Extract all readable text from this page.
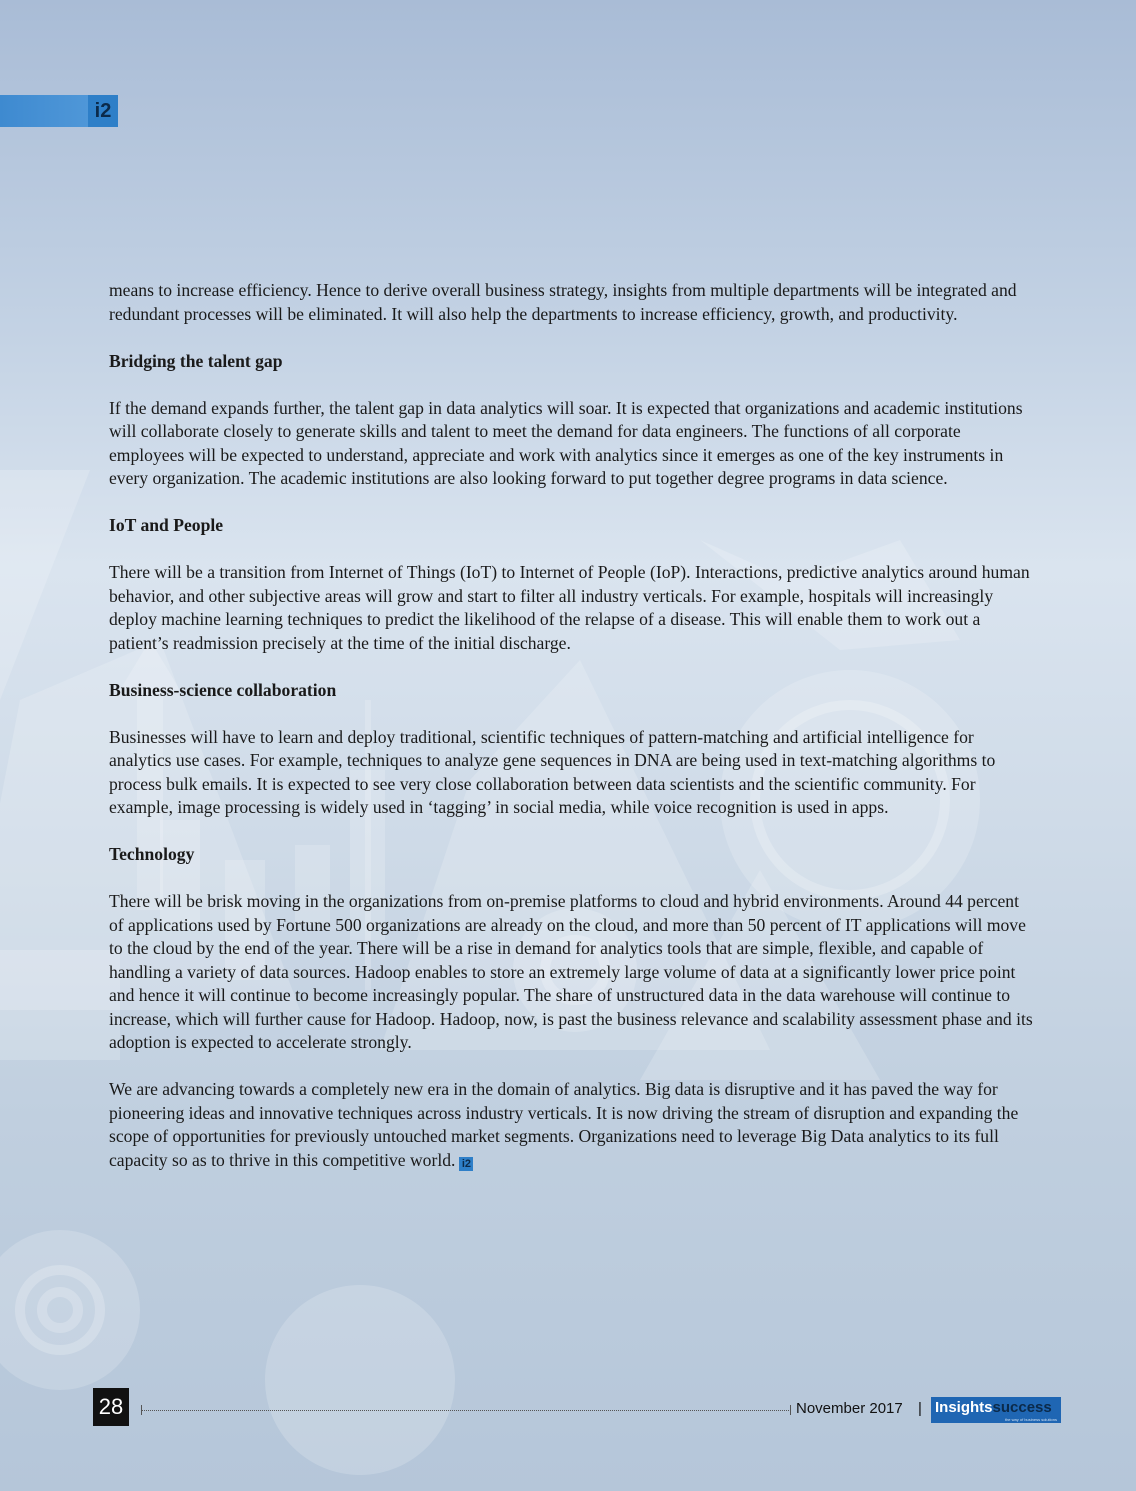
i2

means to increase efficiency. Hence to derive overall business strategy, insights from multiple departments will be integrated and redundant processes will be eliminated. It will also help the departments to increase efficiency, growth, and productivity.

Bridging the talent gap

If the demand expands further, the talent gap in data analytics will soar. It is expected that organizations and academic institutions will collaborate closely to generate skills and talent to meet the demand for data engineers. The functions of all corporate employees will be expected to understand, appreciate and work with analytics since it emerges as one of the key instruments in every organization. The academic institutions are also looking forward to put together degree programs in data science.

IoT and People

There will be a transition from Internet of Things (IoT) to Internet of People (IoP). Interactions, predictive analytics around human behavior, and other subjective areas will grow and start to filter all industry verticals. For example, hospitals will increasingly deploy machine learning techniques to predict the likelihood of the relapse of a disease. This will enable them to work out a patient’s readmission precisely at the time of the initial discharge.

Business-science collaboration

Businesses will have to learn and deploy traditional, scientific techniques of pattern-matching and artificial intelligence for analytics use cases. For example, techniques to analyze gene sequences in DNA are being used in text-matching algorithms to process bulk emails. It is expected to see very close collaboration between data scientists and the scientific community. For example, image processing is widely used in ‘tagging’ in social media, while voice recognition is used in apps.

Technology

There will be brisk moving in the organizations from on-premise platforms to cloud and hybrid environments. Around 44 percent of applications used by Fortune 500 organizations are already on the cloud, and more than 50 percent of IT applications will move to the cloud by the end of the year. There will be a rise in demand for analytics tools that are simple, flexible, and capable of handling a variety of data sources. Hadoop enables to store an extremely large volume of data at a significantly lower price point and hence it will continue to become increasingly popular. The share of unstructured data in the data warehouse will continue to increase, which will further cause for Hadoop. Hadoop, now, is past the business relevance and scalability assessment phase and its adoption is expected to accelerate strongly.

We are advancing towards a completely new era in the domain of analytics. Big data is disruptive and it has paved the way for pioneering ideas and innovative techniques across industry verticals. It is now driving the stream of disruption and expanding the scope of opportunities for previously untouched market segments. Organizations need to leverage Big Data analytics to its full capacity so as to thrive in this competitive world. i2

28	November 2017 | Insightssuccess
the way of business solutions
